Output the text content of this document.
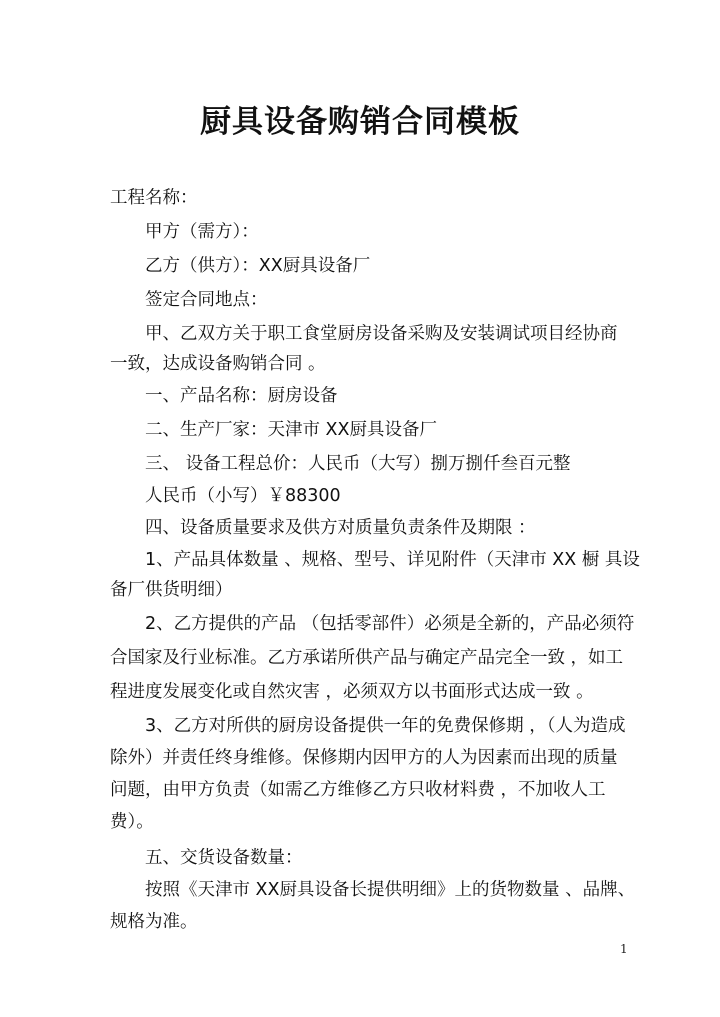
厨具设备购销合同模板
工程名称：
甲方（需方）：
乙方（供方）：XX厨具设备厂
签定合同地点：
甲、乙双方关于职工食堂厨房设备采购及安装调试项目经协商
一致，达成设备购销合同 。
一、产品名称：厨房设备
二、生产厂家：天津市 XX厨具设备厂
三、 设备工程总价：人民币（大写）捌万捌仟叁百元整
人民币（小写）￥88300
四、设备质量要求及供方对质量负责条件及期限 ：
1、产品具体数量 、规格、型号、详见附件（天津市 XX 橱 具设
备厂供货明细）
2、乙方提供的产品 （包括零部件）必须是全新的，产品必须符
合国家及行业标准。乙方承诺所供产品与确定产品完全一致 ，如工
程进度发展变化或自然灾害 ，必须双方以书面形式达成一致 。
3、乙方对所供的厨房设备提供一年的免费保修期 ，（人为造成
除外）并责任终身维修。保修期内因甲方的人为因素而出现的质量
问题，由甲方负责（如需乙方维修乙方只收材料费 ，不加收人工
费）。
五、交货设备数量：
按照《天津市 XX厨具设备长提供明细》上的货物数量 、品牌、
规格为准。
1
